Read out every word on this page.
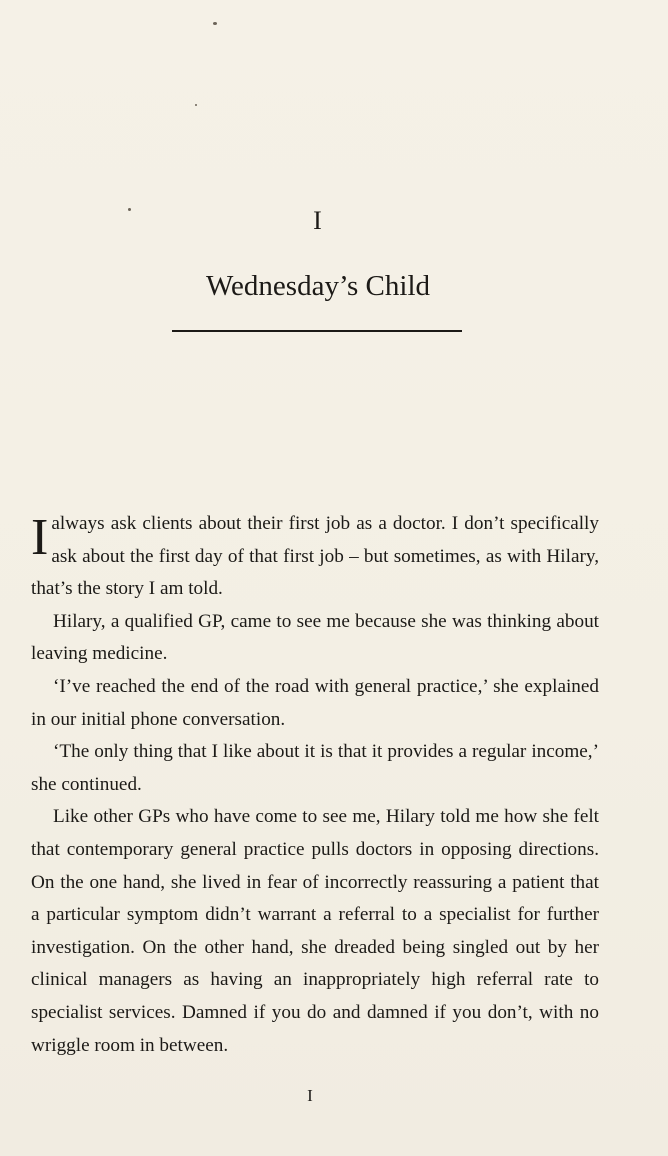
I
Wednesday’s Child

I always ask clients about their first job as a doctor. I don’t specifically ask about the first day of that first job – but sometimes, as with Hilary, that’s the story I am told.

Hilary, a qualified GP, came to see me because she was thinking about leaving medicine.

‘I’ve reached the end of the road with general practice,’ she explained in our initial phone conversation.

‘The only thing that I like about it is that it provides a regular income,’ she continued.

Like other GPs who have come to see me, Hilary told me how she felt that contemporary general practice pulls doctors in opposing directions. On the one hand, she lived in fear of incorrectly reassuring a patient that a particular symptom didn’t warrant a referral to a specialist for further investigation. On the other hand, she dreaded being singled out by her clinical managers as having an inappropriately high referral rate to specialist services. Damned if you do and damned if you don’t, with no wriggle room in between.

I
